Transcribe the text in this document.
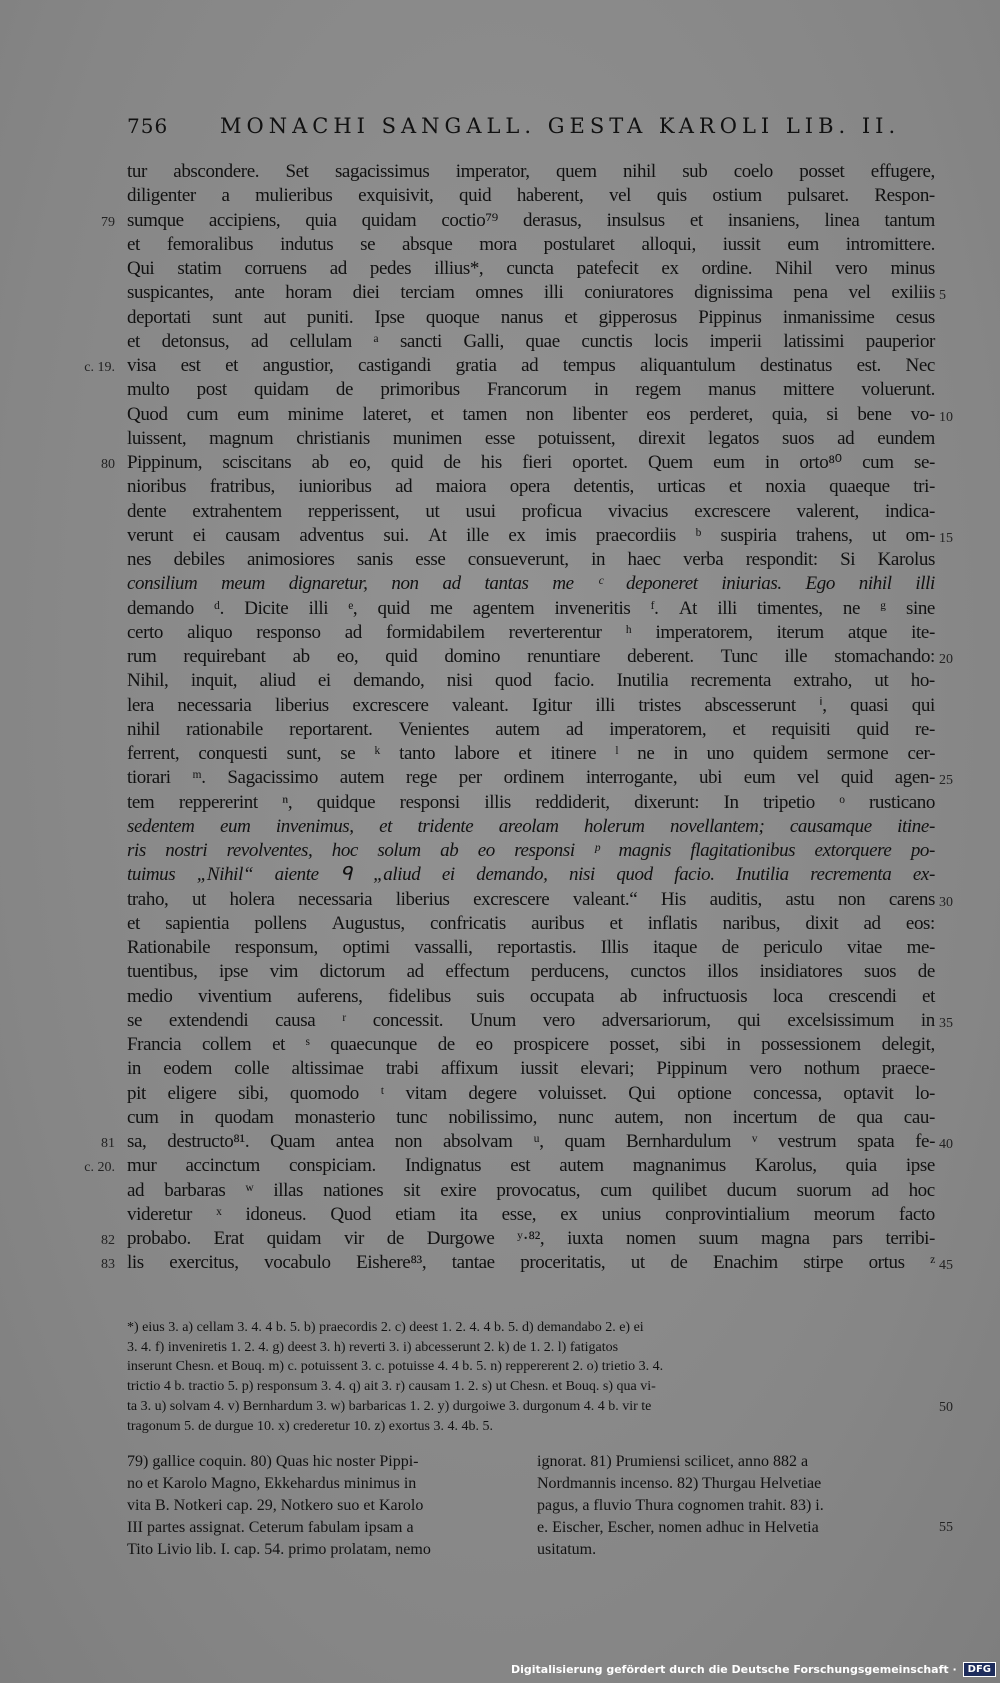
756 MONACHI SANGALL. GESTA KAROLI LIB. II.
tur abscondere. Set sagacissimus imperator, quem nihil sub coelo posset effugere,
diligenter a mulieribus exquisivit, quid haberent, vel quis ostium pulsaret. Respon-
sumque accipiens, quia quidam coctio⁷⁹ derasus, insulsus et insaniens, linea tantum
79
et femoralibus indutus se absque mora postularet alloqui, iussit eum intromittere.
Qui statim corruens ad pedes illius*, cuncta patefecit ex ordine. Nihil vero minus
suspicantes, ante horam diei terciam omnes illi coniuratores dignissima pena vel exiliis 5
deportati sunt aut puniti. Ipse quoque nanus et gipperosus Pippinus inmanissime cesus
et detonsus, ad cellulam ᵃ sancti Galli, quae cunctis locis imperii latissimi pauperior
visa est et angustior, castigandi gratia ad tempus aliquantulum destinatus est. Nec
c. 19.
multo post quidam de primoribus Francorum in regem manus mittere voluerunt.
Quod cum eum minime lateret, et tamen non libenter eos perderet, quia, si bene vo- 10
luissent, magnum christianis munimen esse potuissent, direxit legatos suos ad eundem
Pippinum, sciscitans ab eo, quid de his fieri oportet. Quem eum in orto⁸⁰ cum se-
80
nioribus fratribus, iunioribus ad maiora opera detentis, urticas et noxia quaeque tri-
dente extrahentem repperissent, ut usui proficua vivacius excrescere valerent, indica-
verunt ei causam adventus sui. At ille ex imis praecordiis ᵇ suspiria trahens, ut om- 15
nes debiles animosiores sanis esse consueverunt, in haec verba respondit: Si Karolus
consilium meum dignaretur, non ad tantas me ᶜ deponeret iniurias. Ego nihil illi
demando ᵈ. Dicite illi ᵉ, quid me agentem inveneritis ᶠ. At illi timentes, ne ᵍ sine
certo aliquo responso ad formidabilem reverterentur ʰ imperatorem, iterum atque ite-
rum requirebant ab eo, quid domino renuntiare deberent. Tunc ille stomachando: 20
Nihil, inquit, aliud ei demando, nisi quod facio. Inutilia recrementa extraho, ut ho-
lera necessaria liberius excrescere valeant. Igitur illi tristes abscesserunt ⁱ, quasi qui
nihil rationabile reportarent. Venientes autem ad imperatorem, et requisiti quid re-
ferrent, conquesti sunt, se ᵏ tanto labore et itinere ˡ ne in uno quidem sermone cer-
tiorari ᵐ. Sagacissimo autem rege per ordinem interrogante, ubi eum vel quid agen- 25
tem reppererint ⁿ, quidque responsi illis reddiderit, dixerunt: In tripetio ᵒ rusticano
sedentem eum invenimus, et tridente areolam holerum novellantem; causamque itine-
ris nostri revolventes, hoc solum ab eo responsi ᵖ magnis flagitationibus extorquere po-
tuimus „Nihil“ aiente ᑫ „aliud ei demando, nisi quod facio. Inutilia recrementa ex-
traho, ut holera necessaria liberius excrescere valeant.“ His auditis, astu non carens 30
et sapientia pollens Augustus, confricatis auribus et inflatis naribus, dixit ad eos:
Rationabile responsum, optimi vassalli, reportastis. Illis itaque de periculo vitae me-
tuentibus, ipse vim dictorum ad effectum perducens, cunctos illos insidiatores suos de
medio viventium auferens, fidelibus suis occupata ab infructuosis loca crescendi et
se extendendi causa ʳ concessit. Unum vero adversariorum, qui excelsissimum in 35
Francia collem et ˢ quaecunque de eo prospicere posset, sibi in possessionem delegit,
in eodem colle altissimae trabi affixum iussit elevari; Pippinum vero nothum praece-
pit eligere sibi, quomodo ᵗ vitam degere voluisset. Qui optione concessa, optavit lo-
cum in quodam monasterio tunc nobilissimo, nunc autem, non incertum de qua cau-
sa, destructo⁸¹. Quam antea non absolvam ᵘ, quam Bernhardulum ᵛ vestrum spata fe-
81	40
mur accinctum conspiciam. Indignatus est autem magnanimus Karolus, quia ipse
c. 20.
ad barbaras ʷ illas nationes sit exire provocatus, cum quilibet ducum suorum ad hoc
videretur ˣ idoneus. Quod etiam ita esse, ex unius conprovintialium meorum facto
probabo. Erat quidam vir de Durgowe ʸ·⁸², iuxta nomen suum magna pars terribi-
82
lis exercitus, vocabulo Eishere⁸³, tantae proceritatis, ut de Enachim stirpe ortus ᶻ
83	45
*) eius 3. a) cellam 3. 4. 4 b. 5. b) praecordis 2. c) deest 1. 2. 4. 4 b. 5. d) demandabo 2. e) ei
3. 4. f) inveniretis 1. 2. 4. g) deest 3. h) reverti 3. i) abcesserunt 2. k) de 1. 2. l) fatigatos
inserunt Chesn. et Bouq. m) c. potuissent 3. c. potuisse 4. 4 b. 5. n) reppererent 2. o) trietio 3. 4.
trictio 4 b. tractio 5. p) responsum 3. 4. q) ait 3. r) causam 1. 2. s) ut Chesn. et Bouq. s) qua vi-
ta 3. u) solvam 4. v) Bernhardum 3. w) barbaricas 1. 2. y) durgoiwe 3. durgonum 4. 4 b. vir te	50
tragonum 5. de durgue 10. x) crederetur 10. z) exortus 3. 4. 4b. 5.
79) gallice coquin. 80) Quas hic noster Pippi-
no et Karolo Magno, Ekkehardus minimus in
vita B. Notkeri cap. 29, Notkero suo et Karolo
III partes assignat. Ceterum fabulam ipsam a
Tito Livio lib. I. cap. 54. primo prolatam, nemo
ignorat. 81) Prumiensi scilicet, anno 882 a
Nordmannis incenso. 82) Thurgau Helvetiae
pagus, a fluvio Thura cognomen trahit. 83) i.
e. Eischer, Escher, nomen adhuc in Helvetia
usitatum.
55
Digitalisierung gefördert durch die Deutsche Forschungsgemeinschaft ·	DFG
